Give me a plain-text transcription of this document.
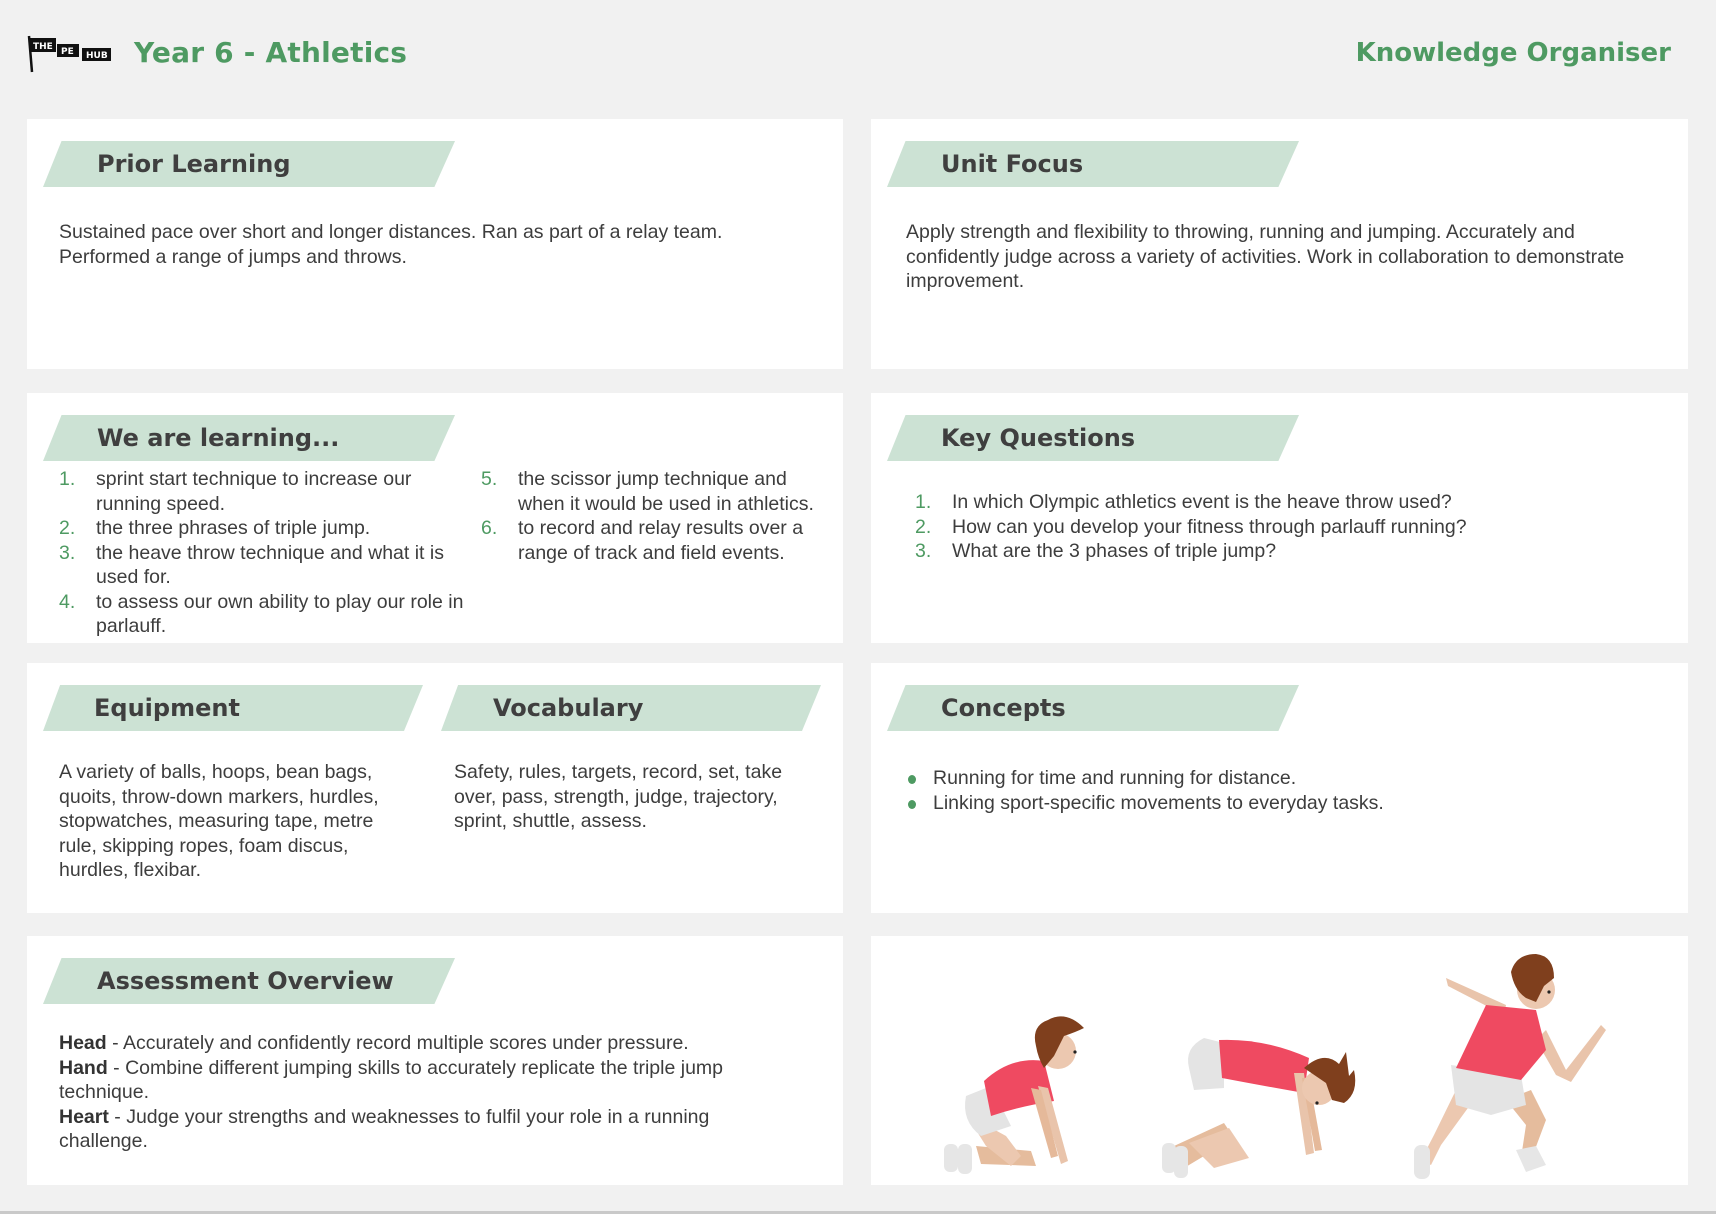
THE PE HUB Year 6 - Athletics	Knowledge Organiser
Prior Learning
Sustained pace over short and longer distances. Ran as part of a relay team. Performed a range of jumps and throws.
Unit Focus
Apply strength and flexibility to throwing, running and jumping. Accurately and confidently judge across a variety of activities. Work in collaboration to demonstrate improvement.
We are learning...
1. sprint start technique to increase our running speed.
2. the three phrases of triple jump.
3. the heave throw technique and what it is used for.
4. to assess our own ability to play our role in parlauff.
5. the scissor jump technique and when it would be used in athletics.
6. to record and relay results over a range of track and field events.
Key Questions
1. In which Olympic athletics event is the heave throw used?
2. How can you develop your fitness through parlauff running?
3. What are the 3 phases of triple jump?
Equipment	Vocabulary
A variety of balls, hoops, bean bags, quoits, throw-down markers, hurdles, stopwatches, measuring tape, metre rule, skipping ropes, foam discus, hurdles, flexibar.
Safety, rules, targets, record, set, take over, pass, strength, judge, trajectory, sprint, shuttle, assess.
Concepts
Running for time and running for distance.
Linking sport-specific movements to everyday tasks.
Assessment Overview
Head - Accurately and confidently record multiple scores under pressure.
Hand - Combine different jumping skills to accurately replicate the triple jump technique.
Heart - Judge your strengths and weaknesses to fulfil your role in a running challenge.
